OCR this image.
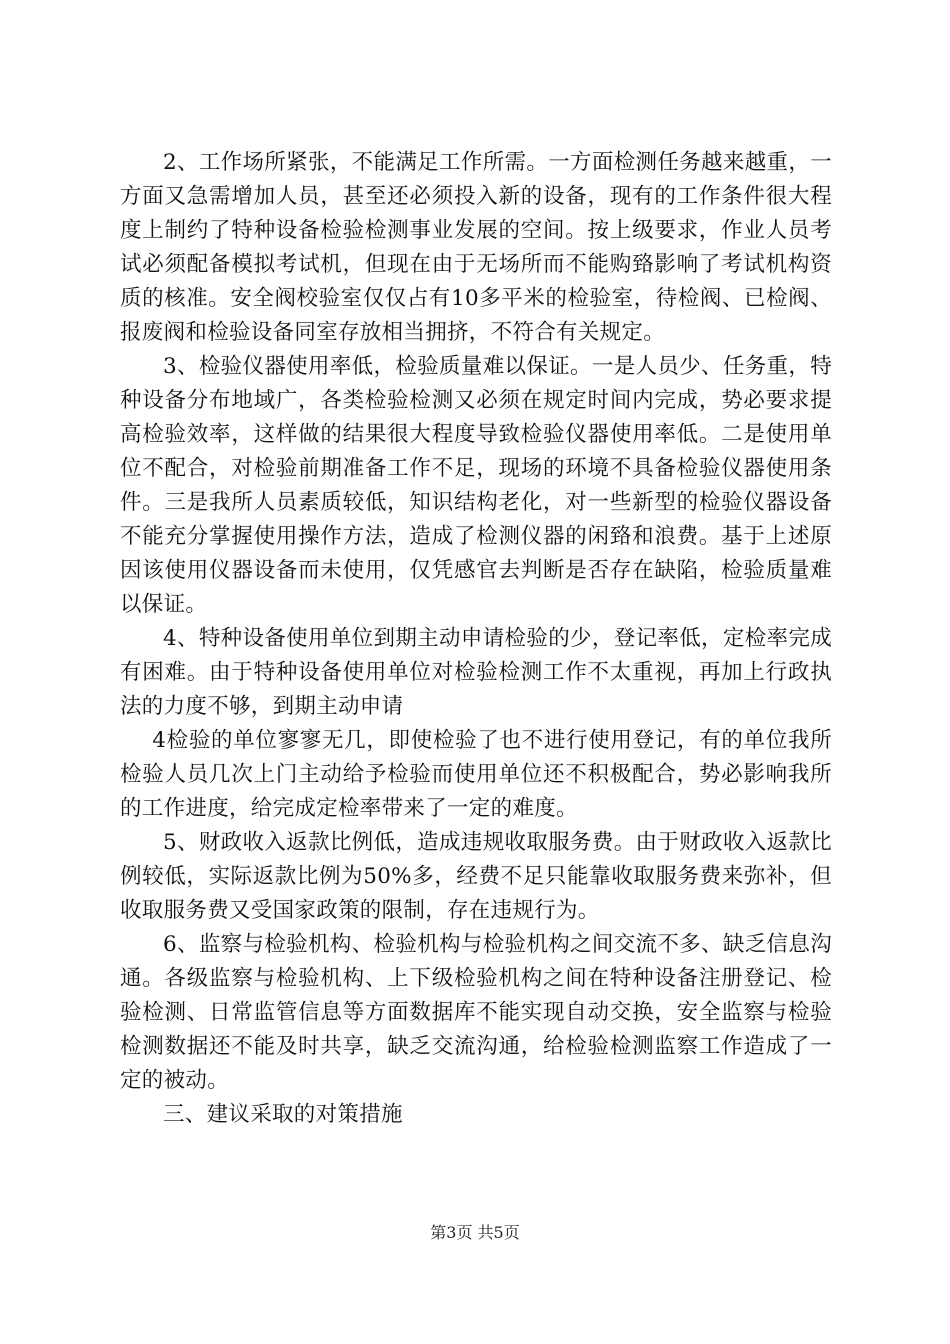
2、工作场所紧张，不能满足工作所需。一方面检测任务越来越重，一方面又急需增加人员，甚至还必须投入新的设备，现有的工作条件很大程度上制约了特种设备检验检测事业发展的空间。按上级要求，作业人员考试必须配备模拟考试机，但现在由于无场所而不能购臵影响了考试机构资质的核准。安全阀校验室仅仅占有10多平米的检验室，待检阀、已检阀、报废阀和检验设备同室存放相当拥挤，不符合有关规定。

3、检验仪器使用率低，检验质量难以保证。一是人员少、任务重，特种设备分布地域广，各类检验检测又必须在规定时间内完成，势必要求提高检验效率，这样做的结果很大程度导致检验仪器使用率低。二是使用单位不配合，对检验前期准备工作不足，现场的环境不具备检验仪器使用条件。三是我所人员素质较低，知识结构老化，对一些新型的检验仪器设备不能充分掌握使用操作方法，造成了检测仪器的闲臵和浪费。基于上述原因该使用仪器设备而未使用，仅凭感官去判断是否存在缺陷，检验质量难以保证。

4、特种设备使用单位到期主动申请检验的少，登记率低，定检率完成有困难。由于特种设备使用单位对检验检测工作不太重视，再加上行政执法的力度不够，到期主动申请

4检验的单位寥寥无几，即使检验了也不进行使用登记，有的单位我所检验人员几次上门主动给予检验而使用单位还不积极配合，势必影响我所的工作进度，给完成定检率带来了一定的难度。

5、财政收入返款比例低，造成违规收取服务费。由于财政收入返款比例较低，实际返款比例为50%多，经费不足只能靠收取服务费来弥补，但收取服务费又受国家政策的限制，存在违规行为。

6、监察与检验机构、检验机构与检验机构之间交流不多、缺乏信息沟通。各级监察与检验机构、上下级检验机构之间在特种设备注册登记、检验检测、日常监管信息等方面数据库不能实现自动交换，安全监察与检验检测数据还不能及时共享，缺乏交流沟通，给检验检测监察工作造成了一定的被动。

三、建议采取的对策措施

第3页 共5页
